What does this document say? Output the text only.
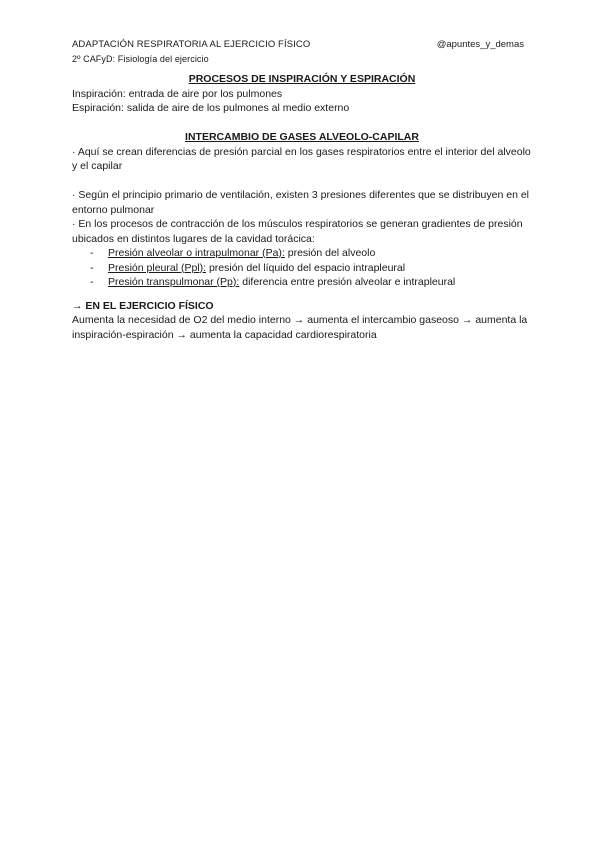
ADAPTACIÓN RESPIRATORIA AL EJERCICIO FÍSICO
2º CAFyD: Fisiología del ejercicio
@apuntes_y_demas

PROCESOS DE INSPIRACIÓN Y ESPIRACIÓN

Inspiración: entrada de aire por los pulmones

Espiración: salida de aire de los pulmones al medio externo

INTERCAMBIO DE GASES ALVEOLO-CAPILAR

· Aquí se crean diferencias de presión parcial en los gases respiratorios entre el interior del alveolo y el capilar

· Según el principio primario de ventilación, existen 3 presiones diferentes que se distribuyen en el entorno pulmonar

· En los procesos de contracción de los músculos respiratorios se generan gradientes de presión ubicados en distintos lugares de la cavidad torácica:

- Presión alveolar o intrapulmonar (Pa): presión del alveolo
- Presión pleural (Ppl): presión del líquido del espacio intrapleural
- Presión transpulmonar (Pp): diferencia entre presión alveolar e intrapleural

→ EN EL EJERCICIO FÍSICO

Aumenta la necesidad de O2 del medio interno → aumenta el intercambio gaseoso → aumenta la inspiración-espiración → aumenta la capacidad cardiorespiratoria
